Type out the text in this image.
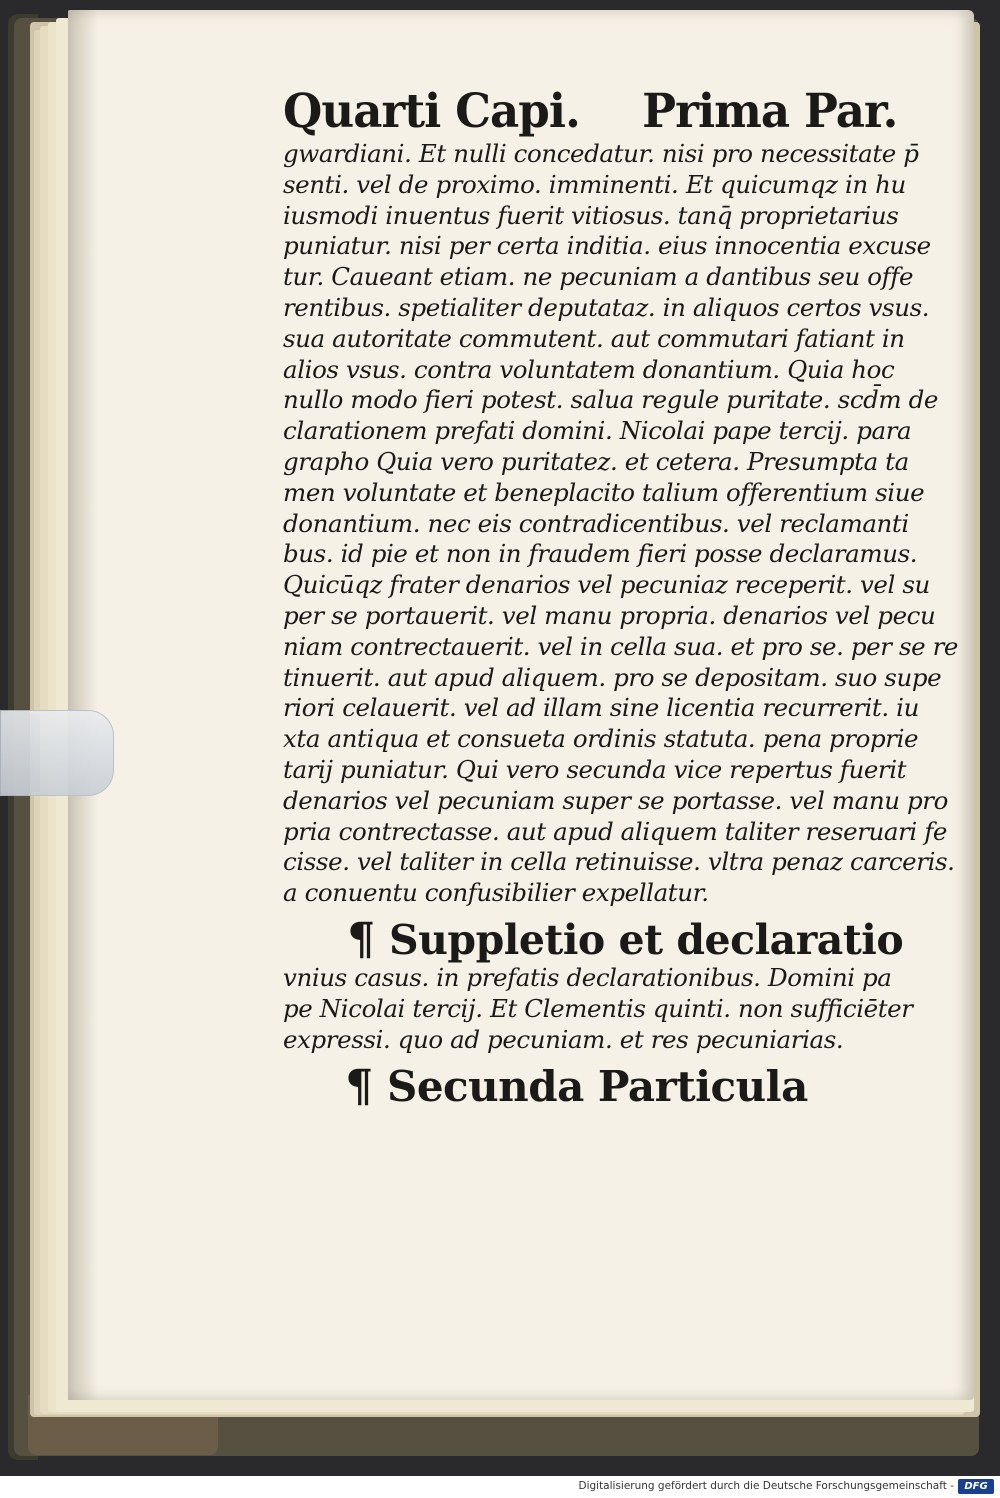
Quarti Capi. Prima Par.
gwardiani. Et nulli concedatur. nisi pro necessitate p̄
senti. vel de proximo. imminenti. Et quicumqz in hu
iusmodi inuentus fuerit vitiosus. tanq̄ proprietarius
puniatur. nisi per certa inditia. eius innocentia excuse
tur. Caueant etiam. ne pecuniam a dantibus seu offe
rentibus. spetialiter deputataz. in aliquos certos vsus.
sua autoritate commutent. aut commutari fatiant in
alios vsus. contra voluntatem donantium. Quia hoc
nullo modo fieri potest. salua regule puritate. scd̄m de
clarationem prefati domini. Nicolai pape tercij. para
grapho Quia vero puritatez. et cetera. Presumpta ta
men voluntate et beneplacito talium offerentium siue
donantium. nec eis contradicentibus. vel reclamanti
bus. id pie et non in fraudem fieri posse declaramus.
Quicūqz frater denarios vel pecuniaz receperit. vel su
per se portauerit. vel manu propria. denarios vel pecu
niam contrectauerit. vel in cella sua. et pro se. per se re
tinuerit. aut apud aliquem. pro se depositam. suo supe
riori celauerit. vel ad illam sine licentia recurrerit. iu
xta antiqua et consueta ordinis statuta. pena proprie
tarij puniatur. Qui vero secunda vice repertus fuerit
denarios vel pecuniam super se portasse. vel manu pro
pria contrectasse. aut apud aliquem taliter reseruari fe
cisse. vel taliter in cella retinuisse. vltra penaz carceris.
a conuentu confusibilier expellatur.
¶ Suppletio et declaratio
vnius casus. in prefatis declarationibus. Domini pa
pe Nicolai tercij. Et Clementis quinti. non sufficiēter
expressi. quo ad pecuniam. et res pecuniarias.
¶ Secunda Particula
Digitalisierung gefördert durch die Deutsche Forschungsgemeinschaft -	DFG
